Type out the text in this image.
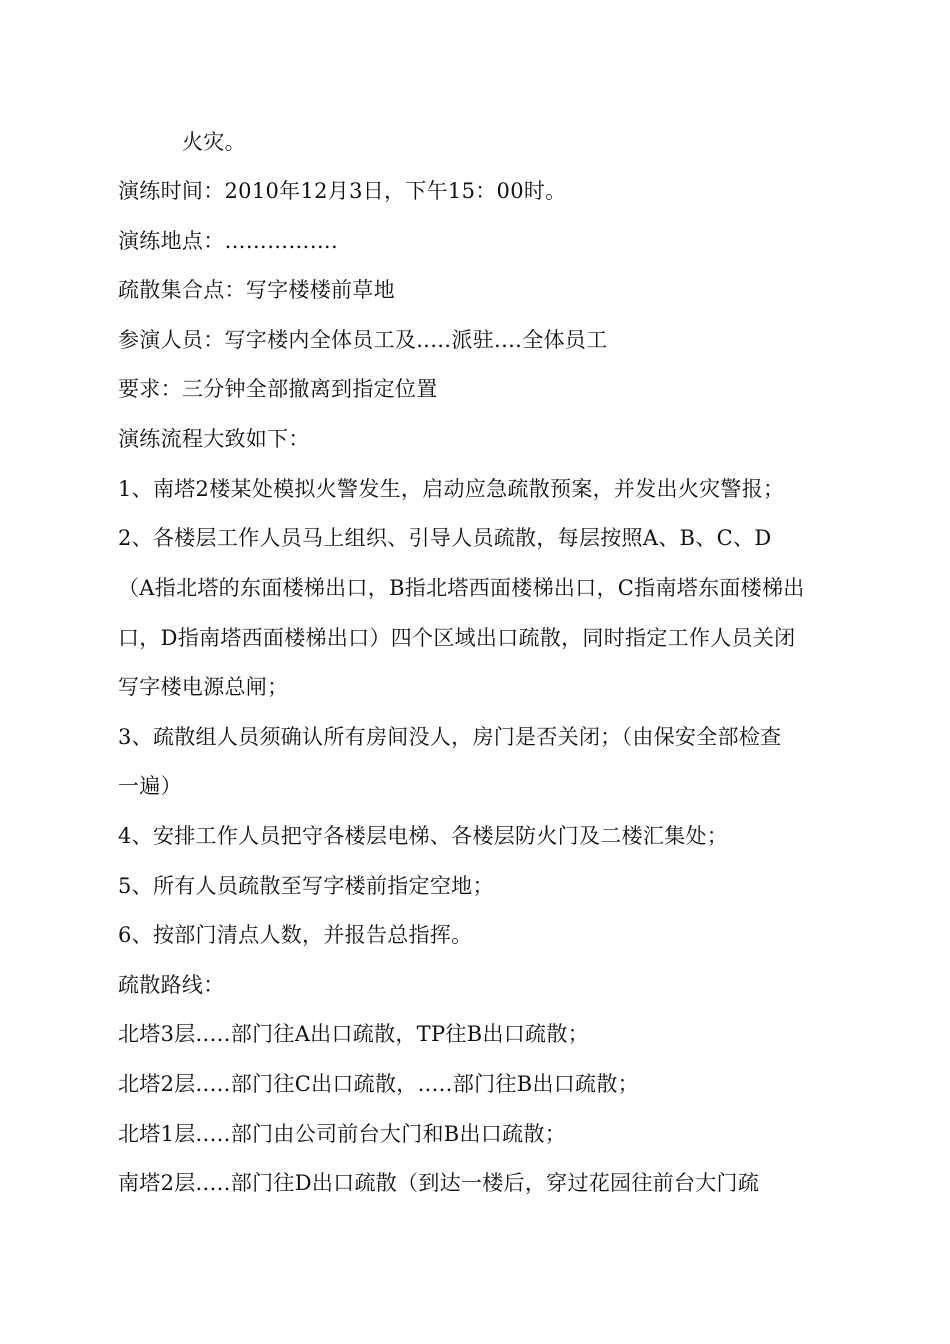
火灾。
演练时间：2010年12月3日，下午15：00时。
演练地点：…………….
疏散集合点：写字楼楼前草地
参演人员：写字楼内全体员工及..…派驻.…全体员工
要求：三分钟全部撤离到指定位置
演练流程大致如下：
1、南塔2楼某处模拟火警发生，启动应急疏散预案，并发出火灾警报；
2、各楼层工作人员马上组织、引导人员疏散，每层按照A、B、C、D
（A指北塔的东面楼梯出口，B指北塔西面楼梯出口，C指南塔东面楼梯出
口，D指南塔西面楼梯出口）四个区域出口疏散，同时指定工作人员关闭
写字楼电源总闸；
3、疏散组人员须确认所有房间没人，房门是否关闭；（由保安全部检查
一遍）
4、安排工作人员把守各楼层电梯、各楼层防火门及二楼汇集处；
5、所有人员疏散至写字楼前指定空地；
6、按部门清点人数，并报告总指挥。
疏散路线：
北塔3层..…部门往A出口疏散，TP往B出口疏散；
北塔2层..…部门往C出口疏散，..…部门往B出口疏散；
北塔1层..…部门由公司前台大门和B出口疏散；
南塔2层..…部门往D出口疏散（到达一楼后，穿过花园往前台大门疏
